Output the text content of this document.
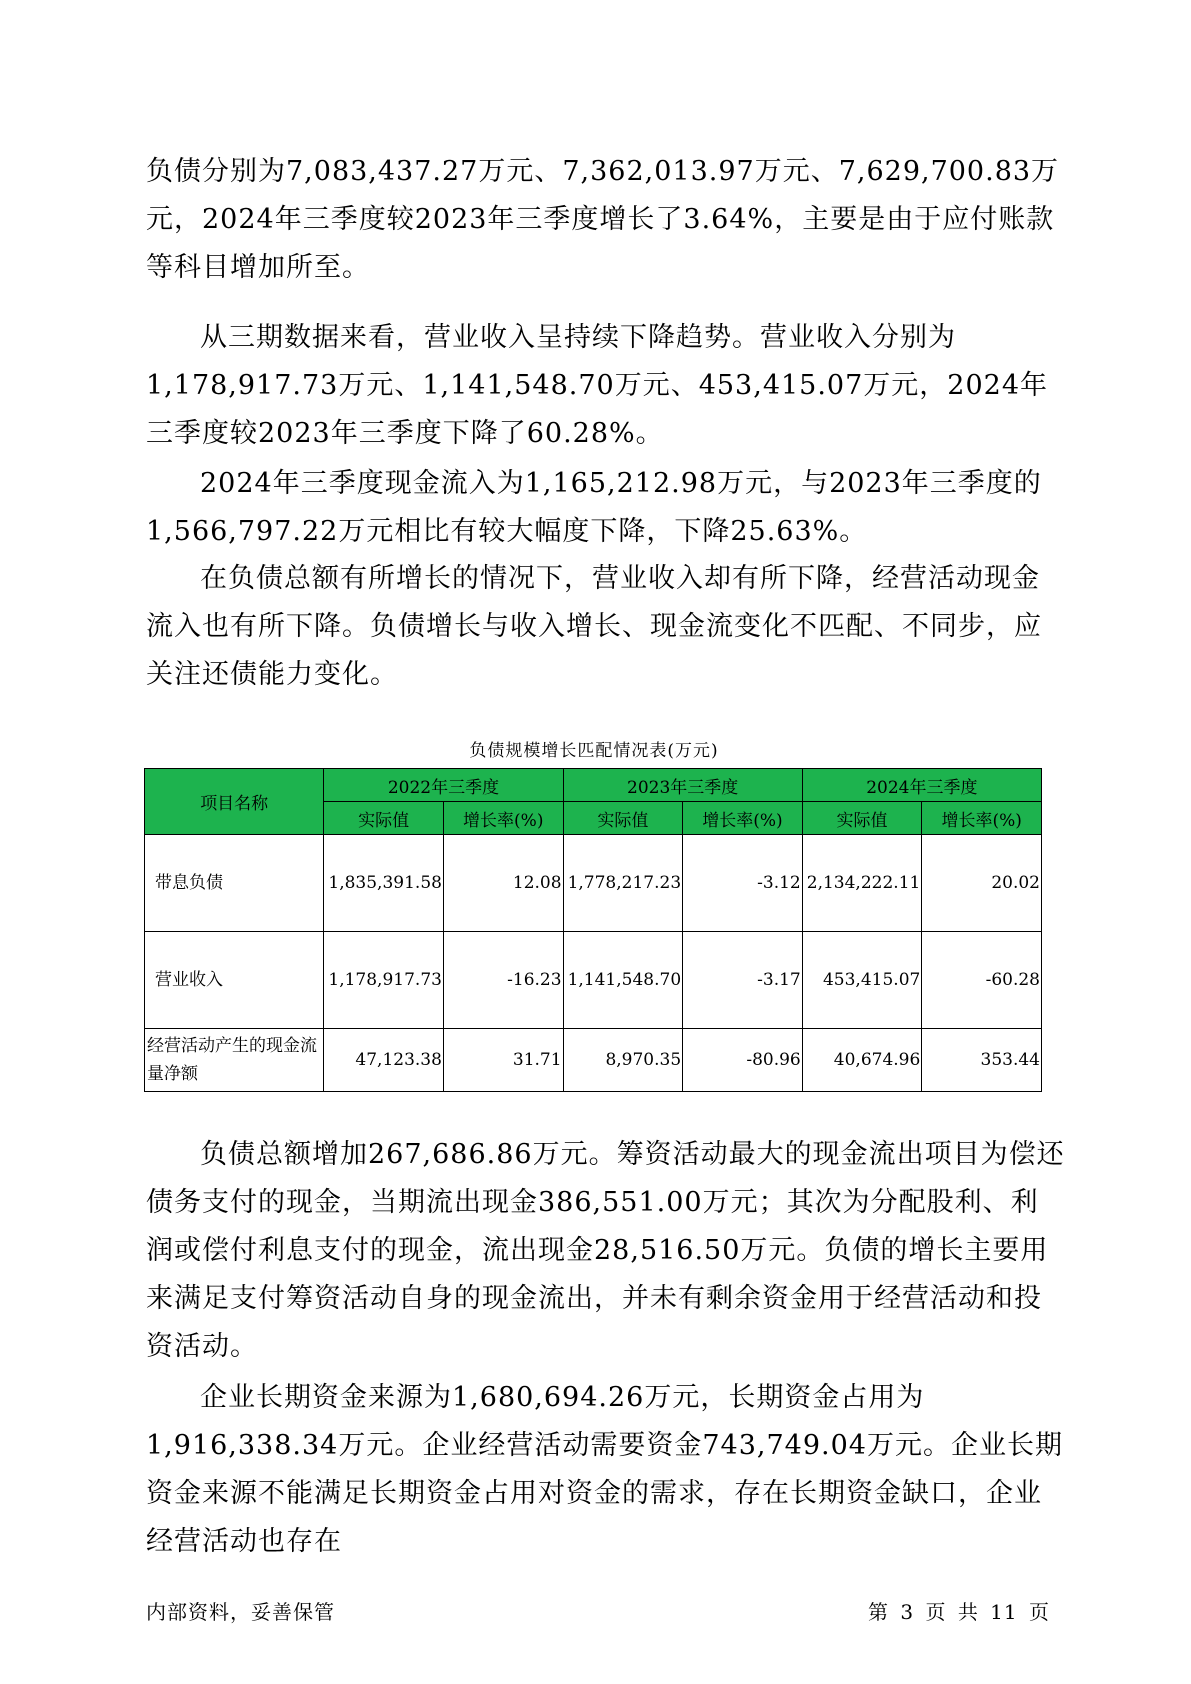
负债分别为7,083,437.27万元、7,362,013.97万元、7,629,700.83万元，2024年三季度较2023年三季度增长了3.64%，主要是由于应付账款等科目增加所至。

从三期数据来看，营业收入呈持续下降趋势。营业收入分别为1,178,917.73万元、1,141,548.70万元、453,415.07万元，2024年三季度较2023年三季度下降了60.28%。

2024年三季度现金流入为1,165,212.98万元，与2023年三季度的1,566,797.22万元相比有较大幅度下降，下降25.63%。

在负债总额有所增长的情况下，营业收入却有所下降，经营活动现金流入也有所下降。负债增长与收入增长、现金流变化不匹配、不同步，应关注还债能力变化。

负债规模增长匹配情况表(万元)
项目名称	2022年三季度		2023年三季度		2024年三季度	
	实际值	增长率(%)	实际值	增长率(%)	实际值	增长率(%)
带息负债	1,835,391.58	12.08	1,778,217.23	-3.12	2,134,222.11	20.02
营业收入	1,178,917.73	-16.23	1,141,548.70	-3.17	453,415.07	-60.28
经营活动产生的现金流量净额	47,123.38	31.71	8,970.35	-80.96	40,674.96	353.44

负债总额增加267,686.86万元。筹资活动最大的现金流出项目为偿还债务支付的现金，当期流出现金386,551.00万元；其次为分配股利、利润或偿付利息支付的现金，流出现金28,516.50万元。负债的增长主要用来满足支付筹资活动自身的现金流出，并未有剩余资金用于经营活动和投资活动。

企业长期资金来源为1,680,694.26万元，长期资金占用为1,916,338.34万元。企业经营活动需要资金743,749.04万元。企业长期资金来源不能满足长期资金占用对资金的需求，存在长期资金缺口，企业经营活动也存在

内部资料，妥善保管	第 3 页 共 11 页
